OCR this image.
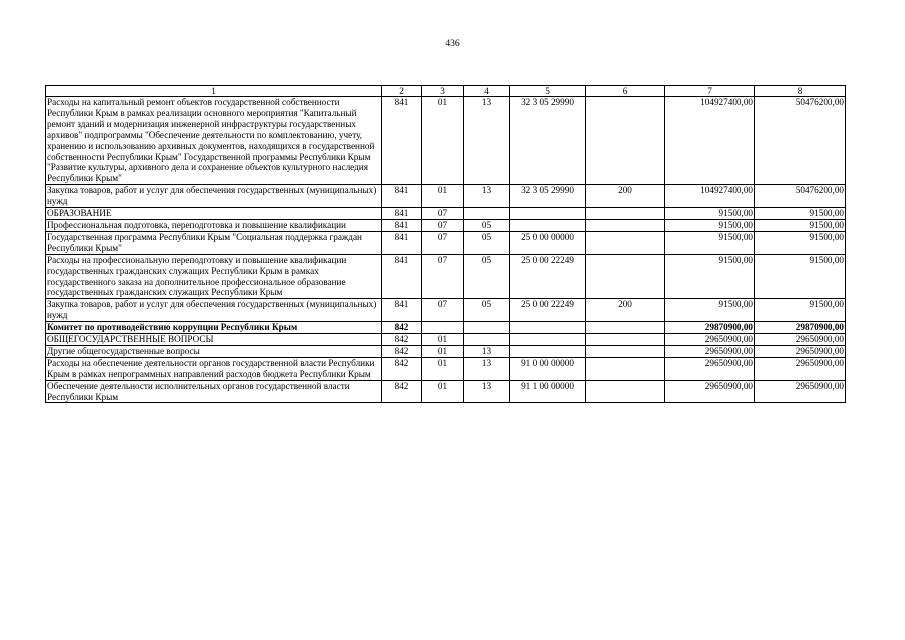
436
1	2	3	4	5	6	7	8
Расходы на капитальный ремонт объектов государственной собственности Республики Крым в рамках реализации основного мероприятия "Капитальный ремонт зданий и модернизация инженерной инфраструктуры государственных архивов" подпрограммы "Обеспечение деятельности по комплектованию, учету, хранению и использованию архивных документов, находящихся в государственной собственности Республики Крым" Государственной программы Республики Крым "Развитие культуры, архивного дела и сохранение объектов культурного наследия Республики Крым"	841	01	13	32 3 05 29990		104927400,00	50476200,00
Закупка товаров, работ и услуг для обеспечения государственных (муниципальных) нужд	841	01	13	32 3 05 29990	200	104927400,00	50476200,00
ОБРАЗОВАНИЕ	841	07				91500,00	91500,00
Профессиональная подготовка, переподготовка и повышение квалификации	841	07	05			91500,00	91500,00
Государственная программа Республики Крым "Социальная поддержка граждан Республики Крым"	841	07	05	25 0 00 00000		91500,00	91500,00
Расходы на профессиональную переподготовку и повышение квалификации государственных гражданских служащих Республики Крым в рамках государственного заказа на дополнительное профессиональное образование государственных гражданских служащих Республики Крым	841	07	05	25 0 00 22249		91500,00	91500,00
Закупка товаров, работ и услуг для обеспечения государственных (муниципальных) нужд	841	07	05	25 0 00 22249	200	91500,00	91500,00
Комитет по противодействию коррупции Республики Крым	842					29870900,00	29870900,00
ОБЩЕГОСУДАРСТВЕННЫЕ ВОПРОСЫ	842	01				29650900,00	29650900,00
Другие общегосударственные вопросы	842	01	13			29650900,00	29650900,00
Расходы на обеспечение деятельности органов государственной власти Республики Крым в рамках непрограммных направлений расходов бюджета Республики Крым	842	01	13	91 0 00 00000		29650900,00	29650900,00
Обеспечение деятельности исполнительных органов государственной власти Республики Крым	842	01	13	91 1 00 00000		29650900,00	29650900,00
